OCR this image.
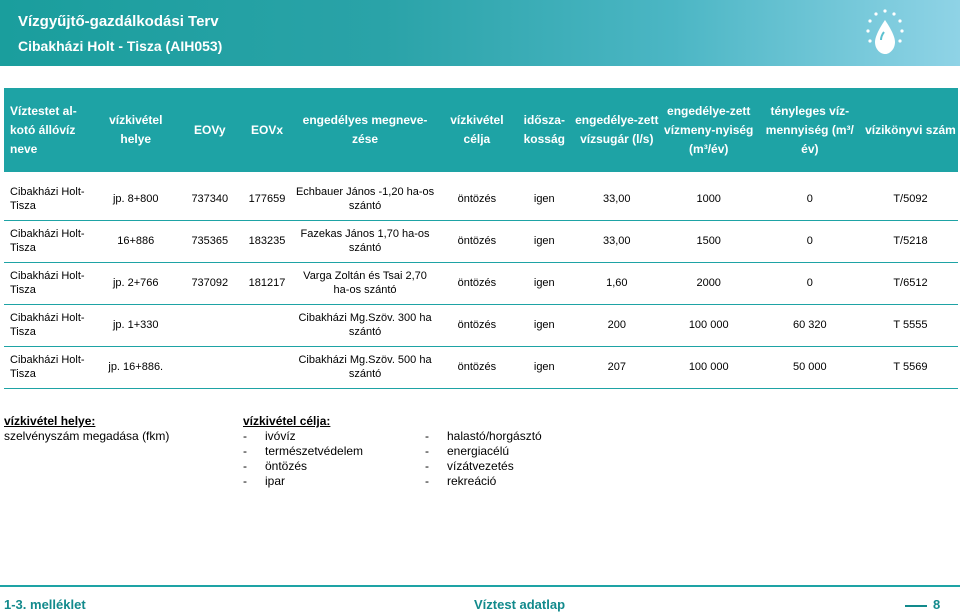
Vízgyűjtő-gazdálkodási Terv
Cibakházi Holt - Tisza (AIH053)
Víztestet al-kotó állóvíz neve	vízkivétel helye	EOVy	EOVx	engedélyes megneve-zése	vízkivétel célja	idősza-kosság	engedélye-zett vízsugár (l/s)	engedélye-zett vízmeny-nyiség (m³/év)	tényleges víz-mennyiség (m³/év)	vízikönyvi szám

Cibakházi Holt-Tisza	jp. 8+800	737340	177659	Echbauer János -1,20 ha-os szántó	öntözés	igen	33,00	1000	0	T/5092
Cibakházi Holt-Tisza	16+886	735365	183235	Fazekas János 1,70 ha-os szántó	öntözés	igen	33,00	1500	0	T/5218
Cibakházi Holt-Tisza	jp. 2+766	737092	181217	Varga Zoltán és Tsai 2,70 ha-os szántó	öntözés	igen	1,60	2000	0	T/6512
Cibakházi Holt-Tisza	jp. 1+330			Cibakházi Mg.Szöv. 300 ha szántó	öntözés	igen	200	100 000	60 320	T 5555
Cibakházi Holt-Tisza	jp. 16+886.			Cibakházi Mg.Szöv. 500 ha szántó	öntözés	igen	207	100 000	50 000	T 5569
vízkivétel helye:
szelvényszám megadása (fkm)
vízkivétel célja:
- ivóvíz
- természetvédelem
- öntözés
- ipar
- halastó/horgásztó
- energiacélú
- vízátvezetés
- rekreáció
1-3. melléklet	Víztest adatlap	8
